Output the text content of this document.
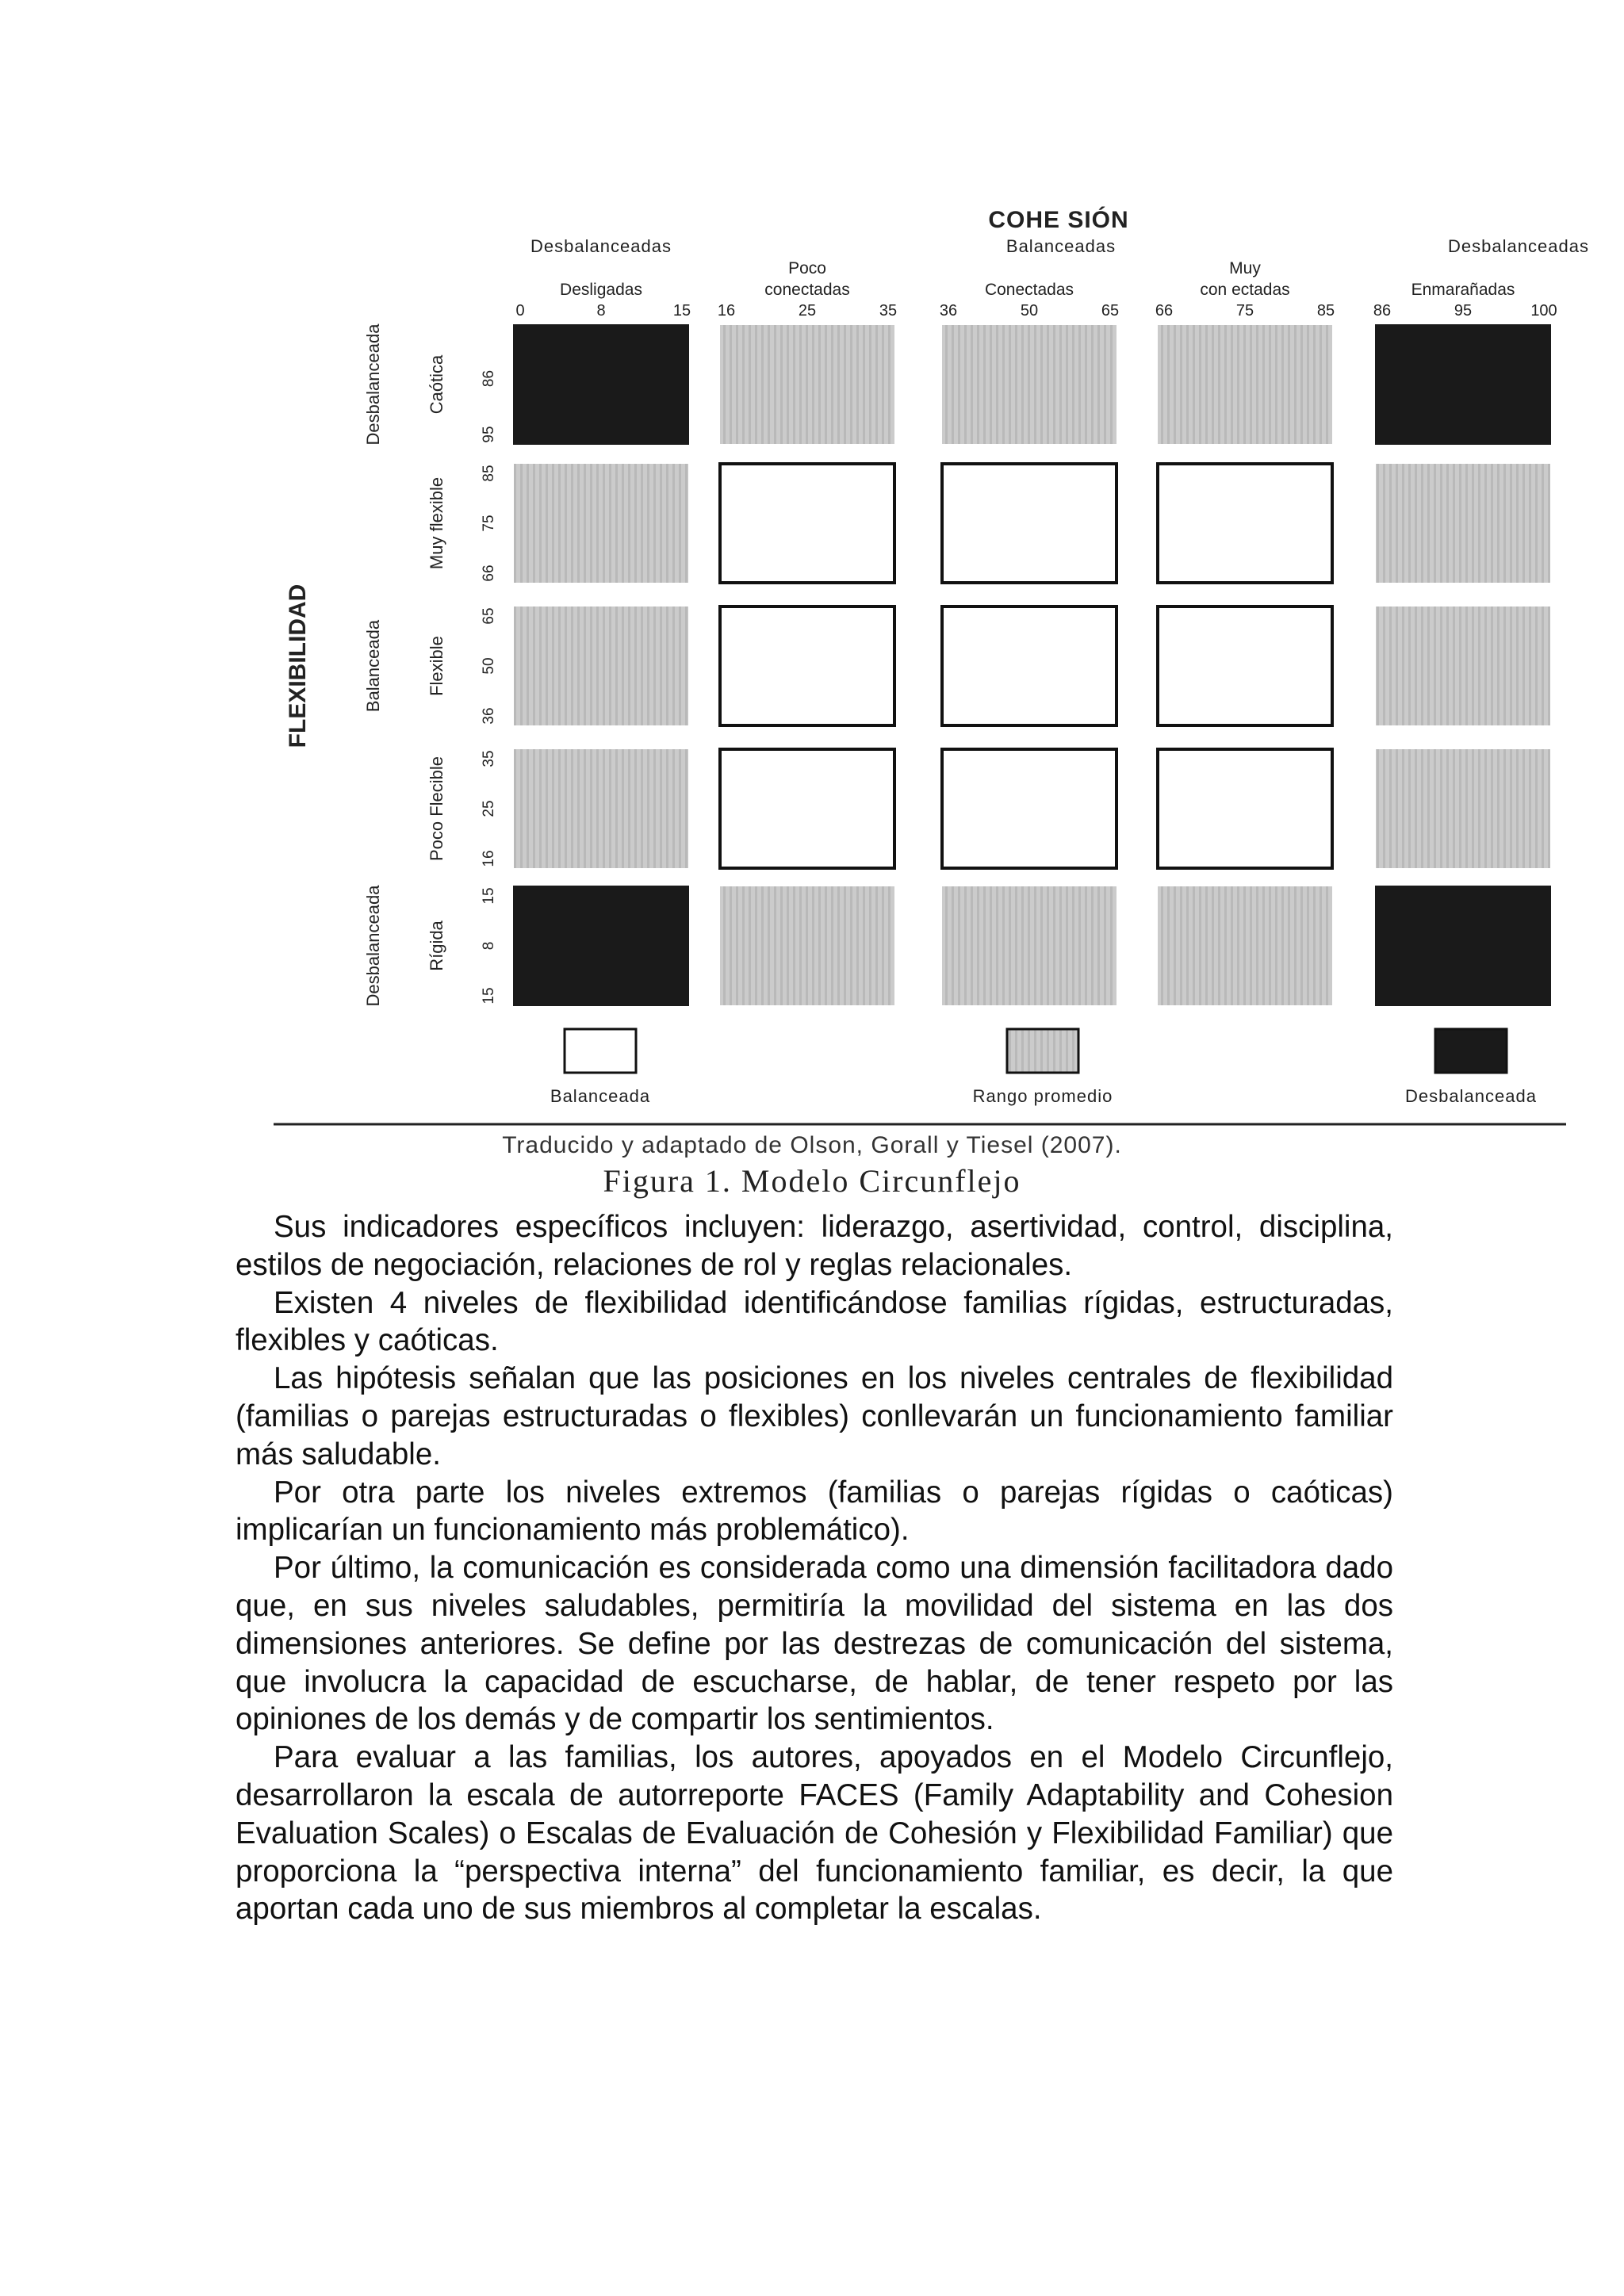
COHE SIÓN
Desbalanceadas	Balanceadas	Desbalanceadas
Desligadas
0	8	15
Poco
conectadas
16	25	35
Conectadas
36	50	65
Muy
con ectadas
66	75	85
Enmarañadas
86	95	100
FLEXIBILIDAD
Desbalanceada
Balanceada
Desbalanceada
Caótica 86
95
Muy flexible
85
75
66
Flexible
65
50
36
Poco Flecible 35
25
16
Rígida
15
8
15
Balanceada	Rango promedio	Desbalanceada
Traducido y adaptado de Olson, Gorall y Tiesel (2007).
Figura 1. Modelo Circunflejo

Sus indicadores específicos incluyen: liderazgo, asertividad, control, disciplina, estilos de negociación, relaciones de rol y reglas relacionales.

Existen 4 niveles de flexibilidad identificándose familias rígidas, estructuradas, flexibles y caóticas.

Las hipótesis señalan que las posiciones en los niveles centrales de flexibilidad (familias o parejas estructuradas o flexibles) conllevarán un funcionamiento familiar más saludable.

Por otra parte los niveles extremos (familias o parejas rígidas o caóticas) implicarían un funcionamiento más problemático).

Por último, la comunicación es considerada como una dimensión facilitadora dado que, en sus niveles saludables, permitiría la movilidad del sistema en las dos dimensiones anteriores. Se define por las destrezas de comunicación del sistema, que involucra la capacidad de escucharse, de hablar, de tener respeto por las opiniones de los demás y de compartir los sentimientos.

Para evaluar a las familias, los autores, apoyados en el Modelo Circunflejo, desarrollaron la escala de autorreporte FACES (Family Adaptability and Cohesion Evaluation Scales) o Escalas de Evaluación de Cohesión y Flexibilidad Familiar) que proporciona la “perspectiva interna” del funcionamiento familiar, es decir, la que aportan cada uno de sus miembros al completar la escalas.
